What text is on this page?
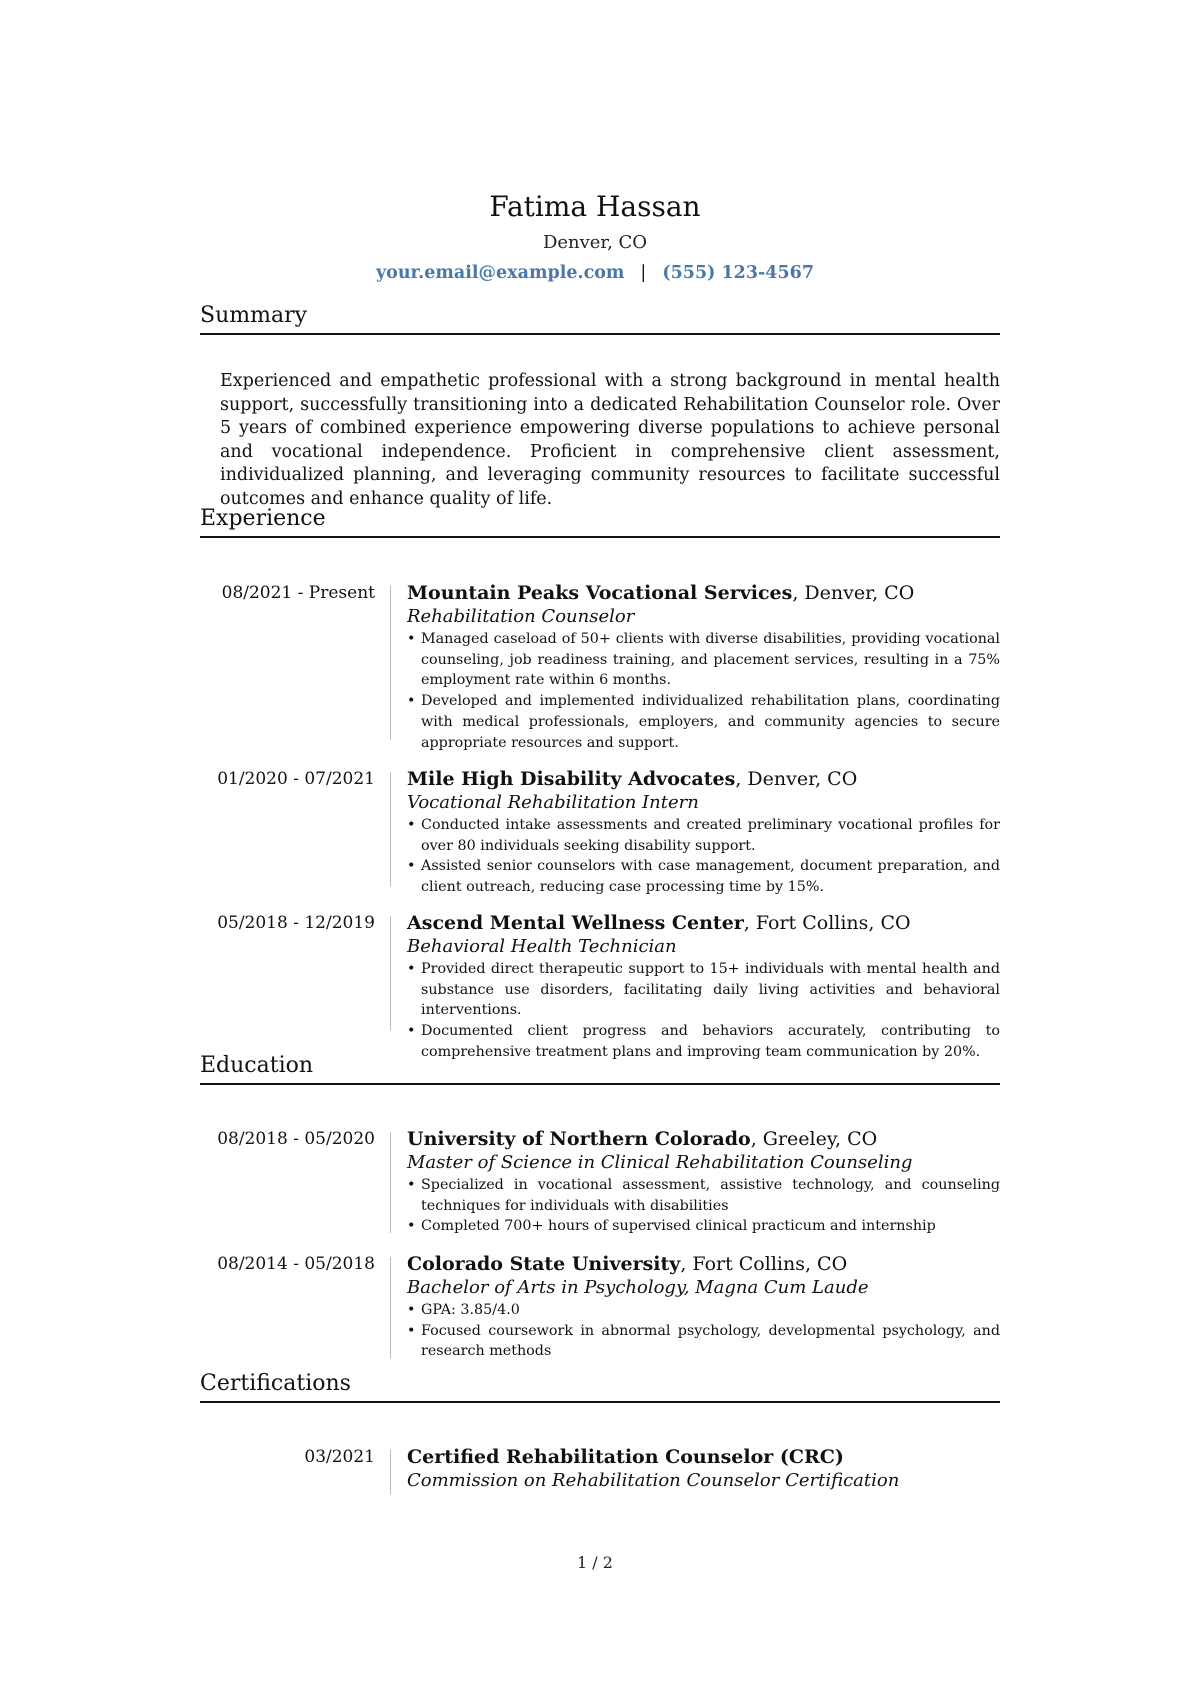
Fatima Hassan
Denver, CO
your.email@example.com | (555) 123-4567
Summary
Experienced and empathetic professional with a strong background in mental health support, successfully transitioning into a dedicated Rehabilitation Counselor role. Over 5 years of combined experience empowering diverse populations to achieve personal and vocational independence. Proficient in comprehensive client assessment, individualized planning, and leveraging community resources to facilitate successful outcomes and enhance quality of life.
Experience
08/2021 - Present Mountain Peaks Vocational Services, Denver, CO
Rehabilitation Counselor
• Managed caseload of 50+ clients with diverse disabilities, providing vocational counseling, job readiness training, and placement services, resulting in a 75% employment rate within 6 months.
• Developed and implemented individualized rehabilitation plans, coordinating with medical professionals, employers, and community agencies to secure appropriate resources and support.
01/2020 - 07/2021 Mile High Disability Advocates, Denver, CO
Vocational Rehabilitation Intern
• Conducted intake assessments and created preliminary vocational profiles for over 80 individuals seeking disability support.
• Assisted senior counselors with case management, document preparation, and client outreach, reducing case processing time by 15%.
05/2018 - 12/2019 Ascend Mental Wellness Center, Fort Collins, CO
Behavioral Health Technician
• Provided direct therapeutic support to 15+ individuals with mental health and substance use disorders, facilitating daily living activities and behavioral interventions.
• Documented client progress and behaviors accurately, contributing to comprehensive treatment plans and improving team communication by 20%.
Education
08/2018 - 05/2020 University of Northern Colorado, Greeley, CO
Master of Science in Clinical Rehabilitation Counseling
• Specialized in vocational assessment, assistive technology, and counseling techniques for individuals with disabilities
• Completed 700+ hours of supervised clinical practicum and internship
08/2014 - 05/2018 Colorado State University, Fort Collins, CO
Bachelor of Arts in Psychology, Magna Cum Laude
• GPA: 3.85/4.0
• Focused coursework in abnormal psychology, developmental psychology, and research methods
Certifications
03/2021 Certified Rehabilitation Counselor (CRC)
Commission on Rehabilitation Counselor Certification
1 / 2
